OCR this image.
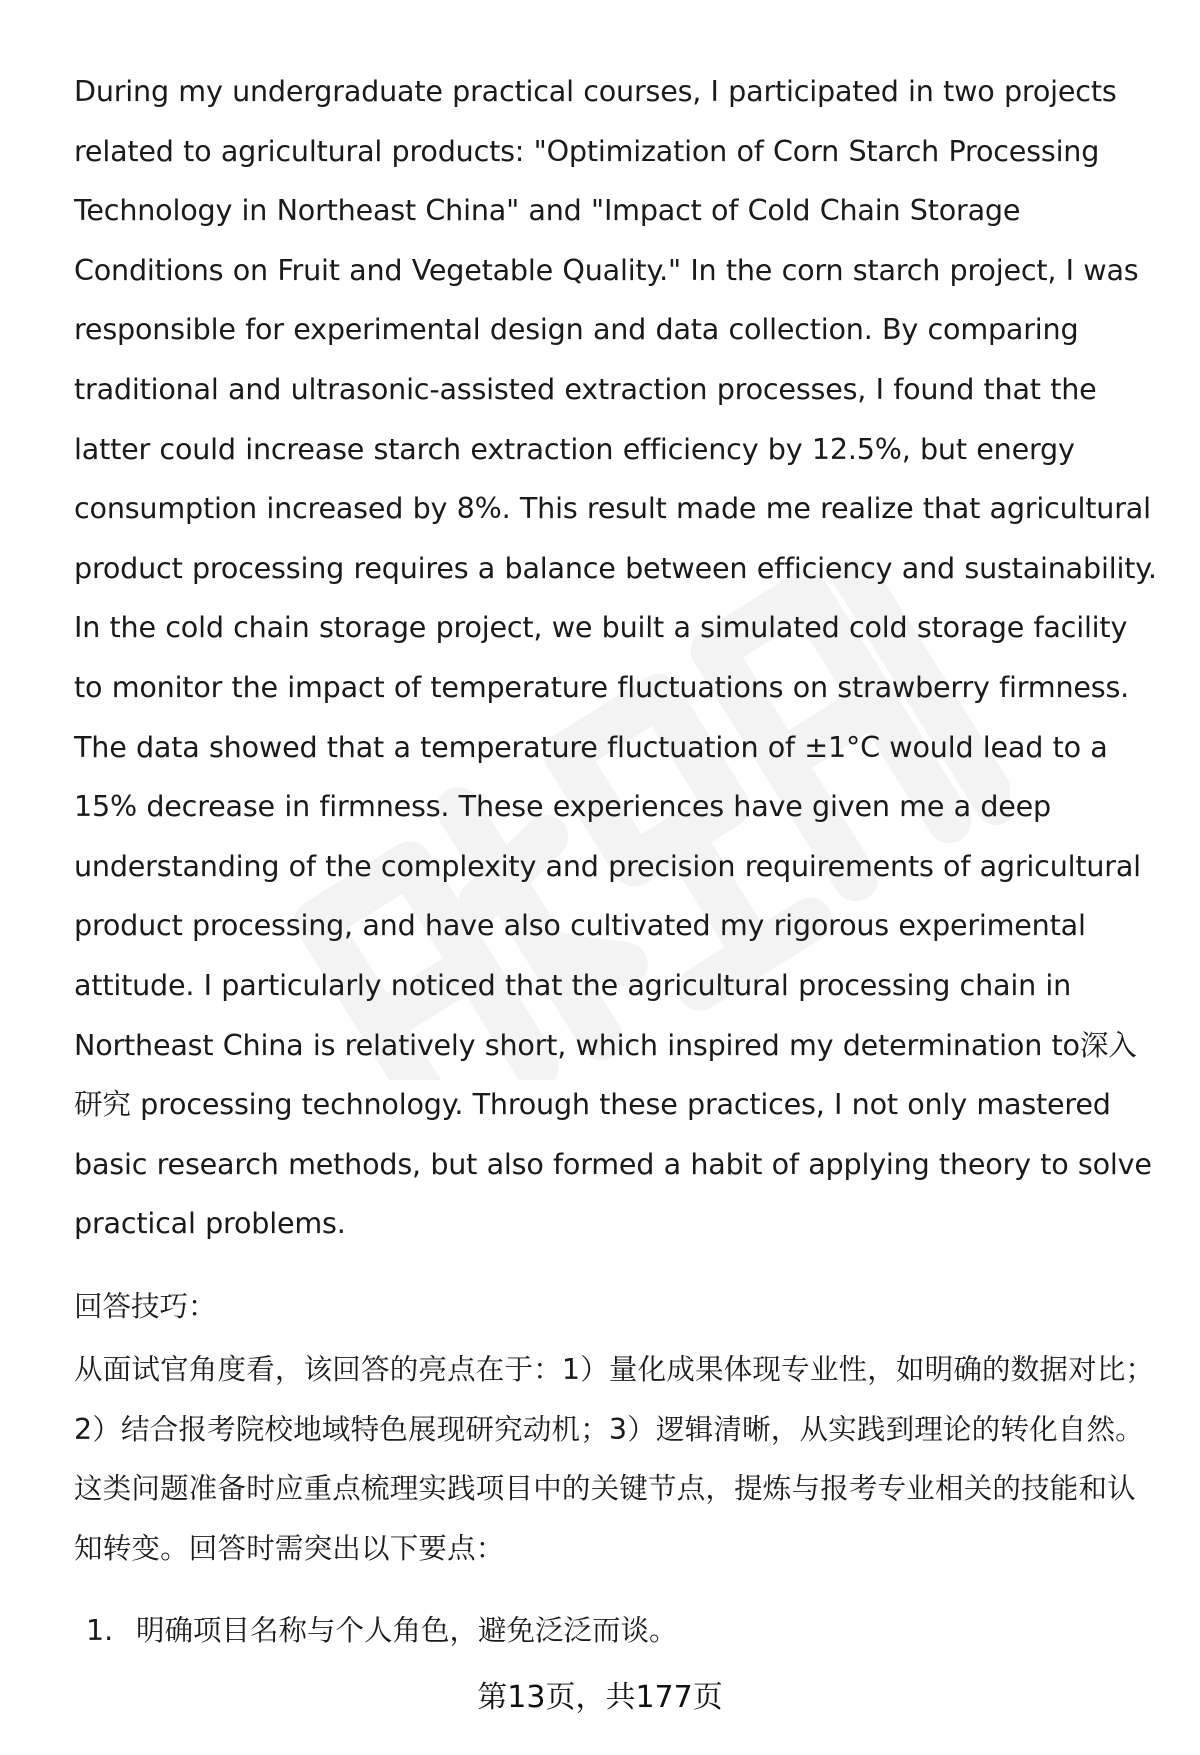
During my undergraduate practical courses, I participated in two projects related to agricultural products: "Optimization of Corn Starch Processing Technology in Northeast China" and "Impact of Cold Chain Storage Conditions on Fruit and Vegetable Quality." In the corn starch project, I was responsible for experimental design and data collection. By comparing traditional and ultrasonic-assisted extraction processes, I found that the latter could increase starch extraction efficiency by 12.5%, but energy consumption increased by 8%. This result made me realize that agricultural product processing requires a balance between efficiency and sustainability. In the cold chain storage project, we built a simulated cold storage facility to monitor the impact of temperature fluctuations on strawberry firmness. The data showed that a temperature fluctuation of ±1°C would lead to a 15% decrease in firmness. These experiences have given me a deep understanding of the complexity and precision requirements of agricultural product processing, and have also cultivated my rigorous experimental attitude. I particularly noticed that the agricultural processing chain in Northeast China is relatively short, which inspired my determination to深入研究 processing technology. Through these practices, I not only mastered basic research methods, but also formed a habit of applying theory to solve practical problems.

回答技巧：

从面试官角度看，该回答的亮点在于：1）量化成果体现专业性，如明确的数据对比；2）结合报考院校地域特色展现研究动机；3）逻辑清晰，从实践到理论的转化自然。这类问题准备时应重点梳理实践项目中的关键节点，提炼与报考专业相关的技能和认知转变。回答时需突出以下要点：

1. 明确项目名称与个人角色，避免泛泛而谈。
第13页，共177页
